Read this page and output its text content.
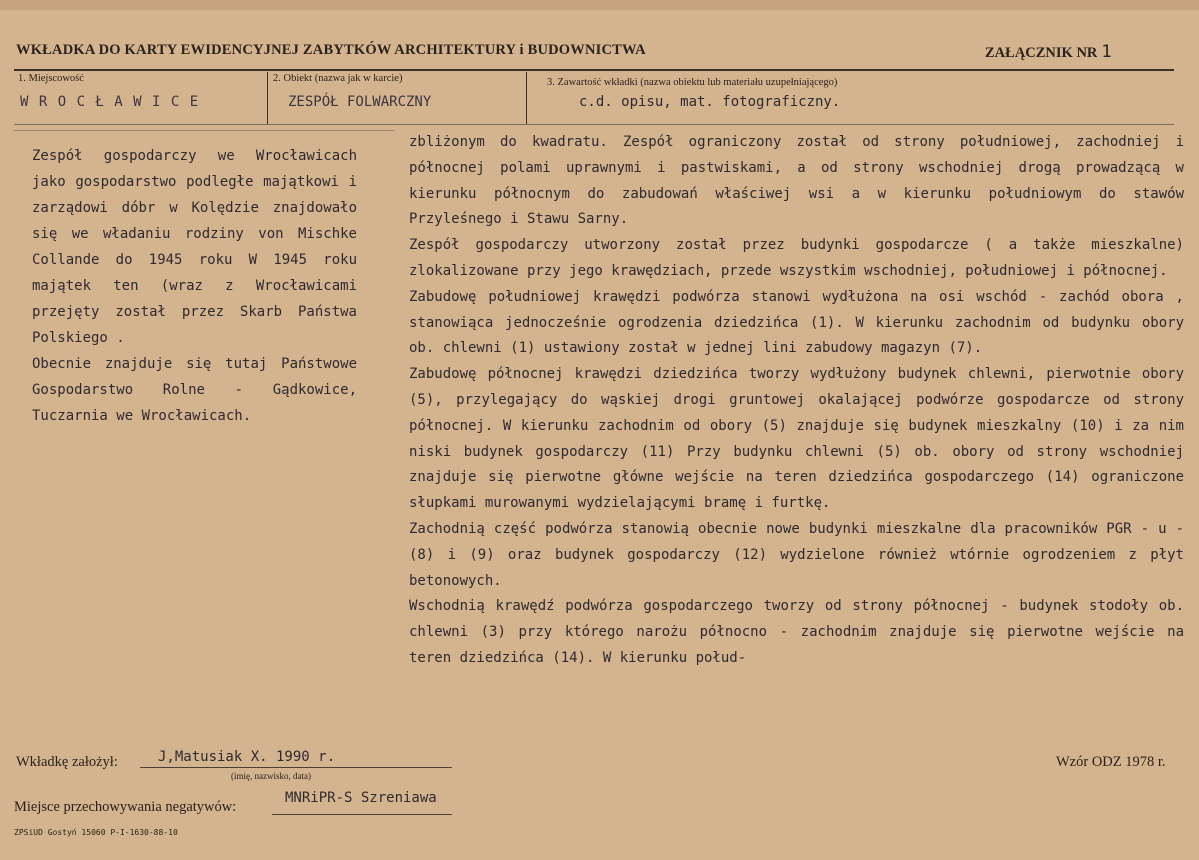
WKŁADKA DO KARTY EWIDENCYJNEJ ZABYTKÓW ARCHITEKTURY i BUDOWNICTWA	ZAŁĄCZNIK NR 1
1. Miejscowość	2. Obiekt (nazwa jak w karcie)	3. Zawartość wkładki (nazwa obiektu lub materiału uzupełniającego)
W R O C Ł A W I C E	ZESPÓŁ FOLWARCZNY	c.d. opisu, mat. fotograficzny.

Zespół gospodarczy we Wrocławicach jako gospodarstwo podległe majątkowi i zarządowi dóbr w Kolędzie znajdowało się we władaniu rodziny von Mischke Collande do 1945 roku W 1945 roku majątek ten (wraz z Wrocławicami przejęty został przez Skarb Państwa Polskiego .

Obecnie znajduje się tutaj Państwowe Gospodarstwo Rolne - Gądkowice, Tuczarnia we Wrocławicach.

zbliżonym do kwadratu. Zespół ograniczony został od strony południowej, zachodniej i północnej polami uprawnymi i pastwiskami, a od strony wschodniej drogą prowadzącą w kierunku północnym do zabudowań właściwej wsi a w kierunku południowym do stawów Przyleśnego i Stawu Sarny.

Zespół gospodarczy utworzony został przez budynki gospodarcze ( a także mieszkalne) zlokalizowane przy jego krawędziach, przede wszystkim wschodniej, południowej i północnej.

Zabudowę południowej krawędzi podwórza stanowi wydłużona na osi wschód - zachód obora , stanowiąca jednocześnie ogrodzenia dziedzińca (1). W kierunku zachodnim od budynku obory ob. chlewni (1) ustawiony został w jednej lini zabudowy magazyn (7).

Zabudowę północnej krawędzi dziedzińca tworzy wydłużony budynek chlewni, pierwotnie obory (5), przylegający do wąskiej drogi gruntowej okalającej podwórze gospodarcze od strony północnej. W kierunku zachodnim od obory (5) znajduje się budynek mieszkalny (10) i za nim niski budynek gospodarczy (11) Przy budynku chlewni (5) ob. obory od strony wschodniej znajduje się pierwotne główne wejście na teren dziedzińca gospodarczego (14) ograniczone słupkami murowanymi wydzielającymi bramę i furtkę.

Zachodnią część podwórza stanowią obecnie nowe budynki mieszkalne dla pracowników PGR - u - (8) i (9) oraz budynek gospodarczy (12) wydzielone również wtórnie ogrodzeniem z płyt betonowych.

Wschodnią krawędź podwórza gospodarczego tworzy od strony północnej - budynek stodoły ob. chlewni (3) przy którego narożu północno - zachodnim znajduje się pierwotne wejście na teren dziedzińca (14). W kierunku połud-

Wkładkę założył:	J,Matusiak X. 1990 r.
(imię, nazwisko, data)
Wzór ODZ 1978 r.
Miejsce przechowywania negatywów:
MNRiPR-S Szreniawa
ZPSiUD Gostyń 15060 P-I-1630-88-10
